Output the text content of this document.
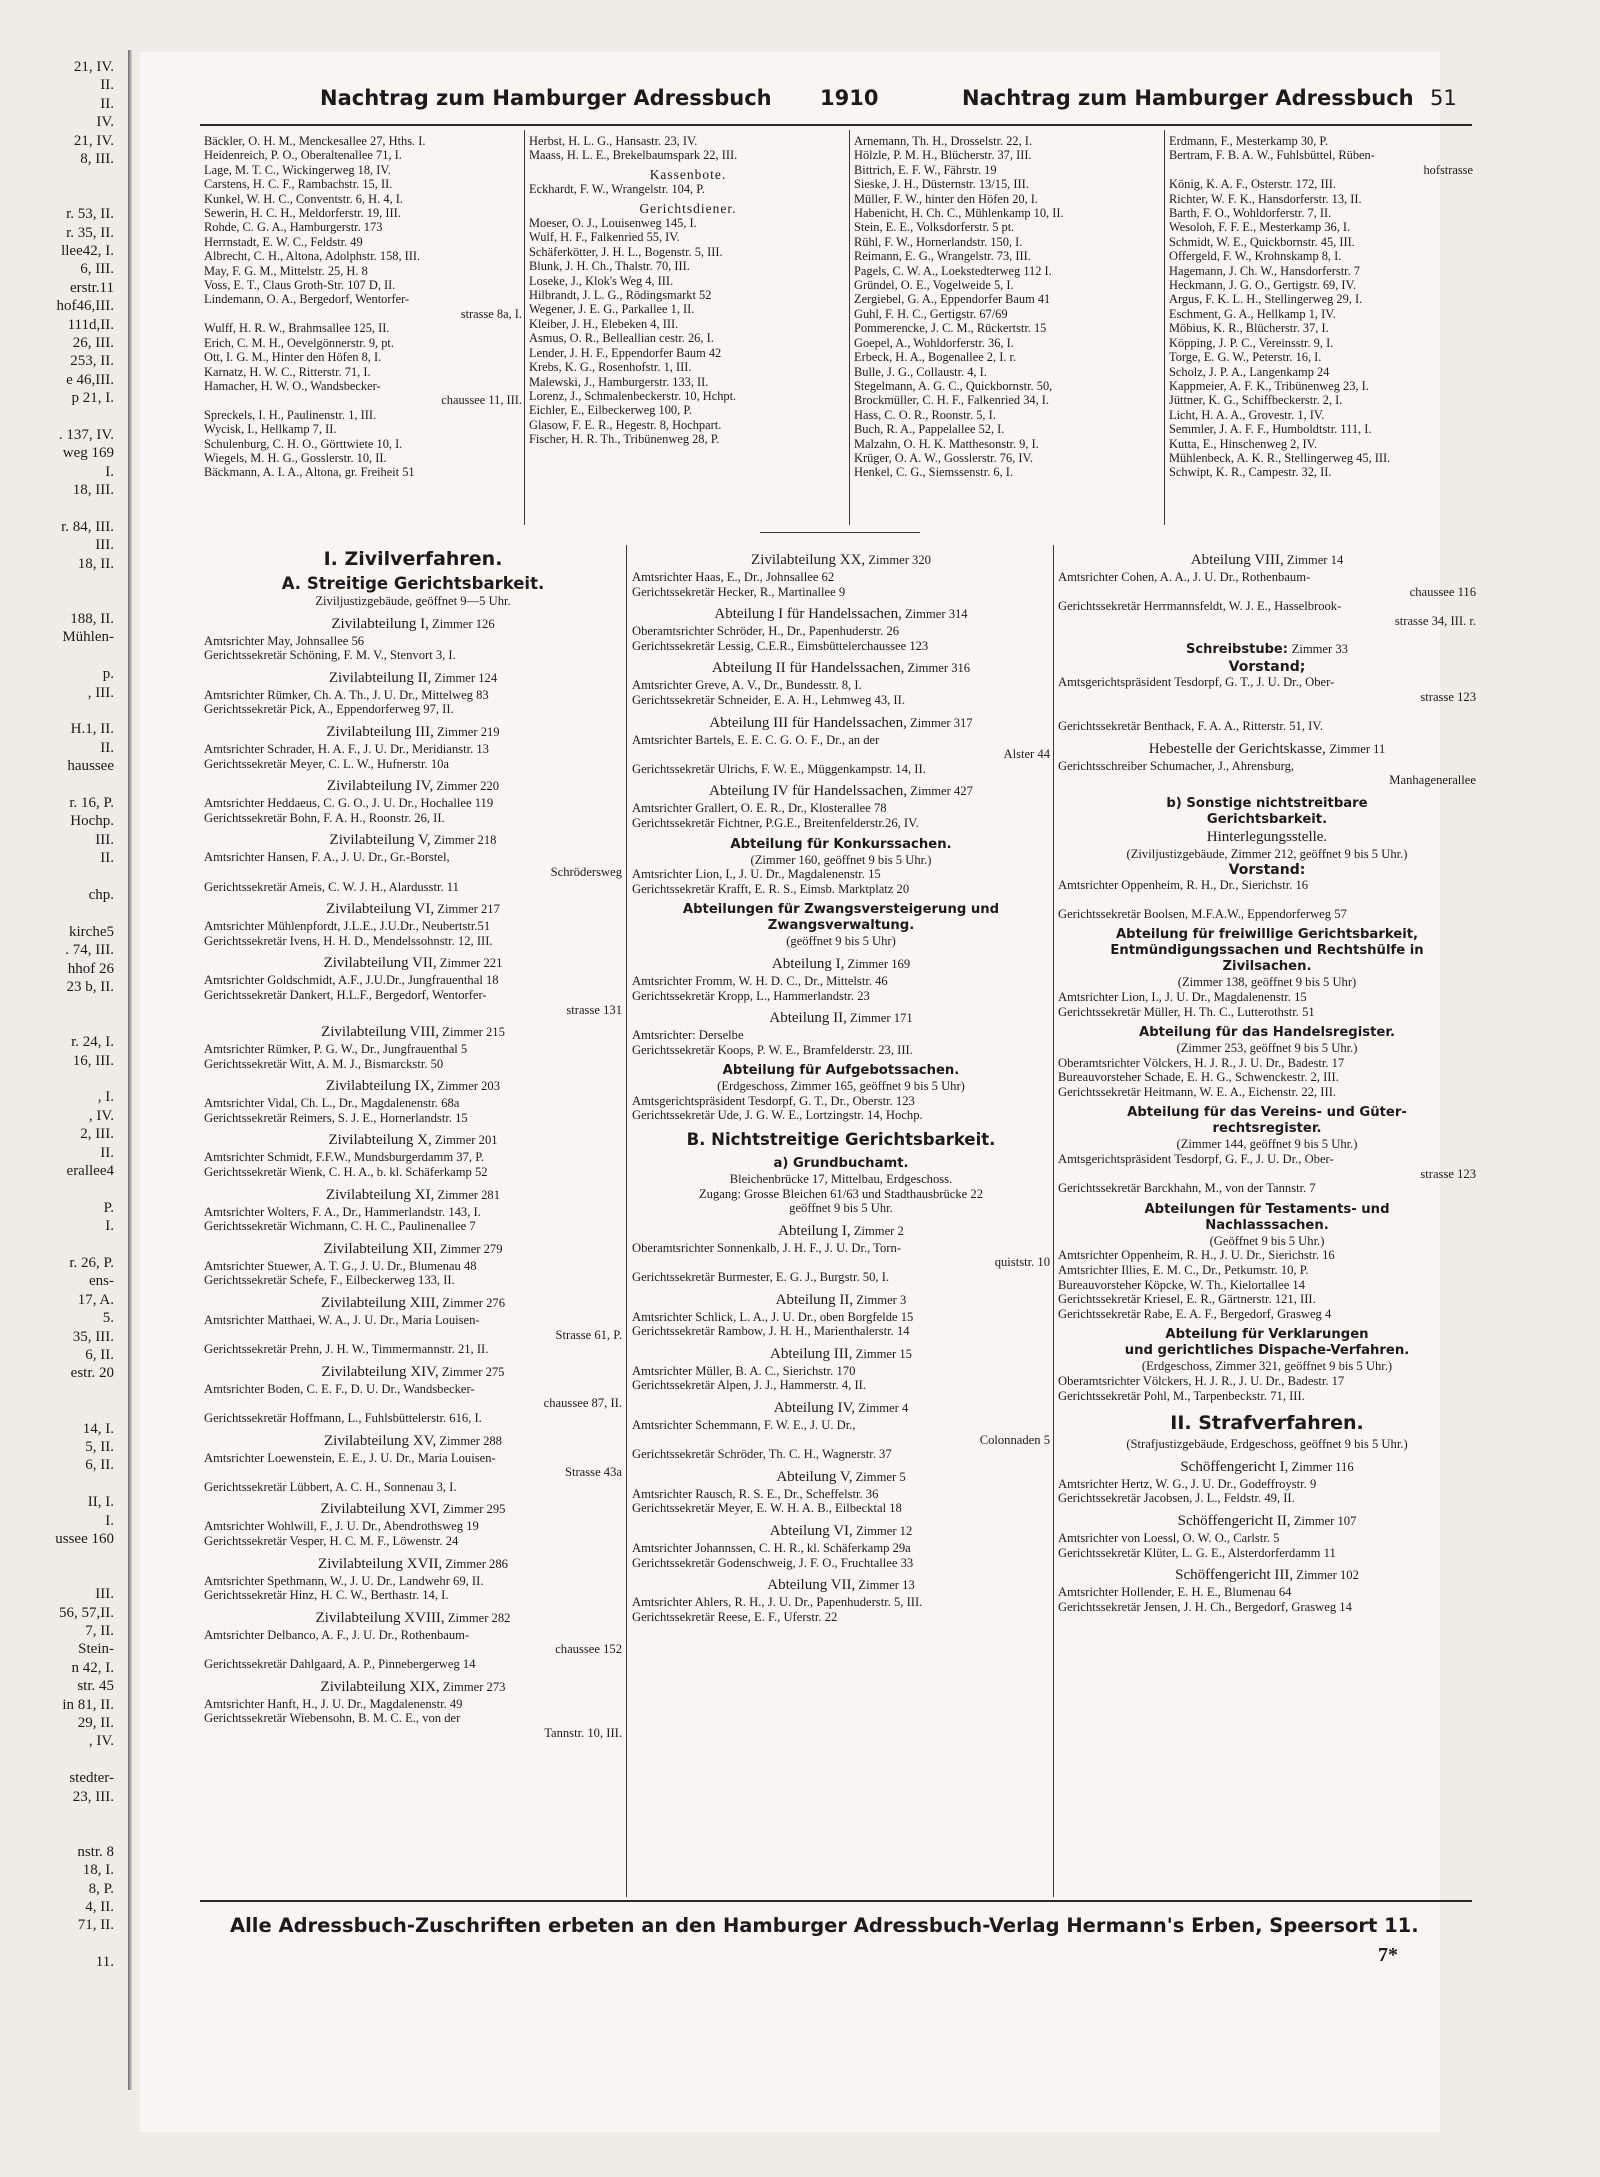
21, IV.
II.
II.
IV.
21, IV.
8, III.
r. 53, II.
r. 35, II.
llee42, I.
6, III.
erstr.11
hof46,III.
111d,II.
26, III.
253, II.
e 46,III.
p 21, I.
. 137, IV.
weg 169
I.
18, III.
r. 84, III.
III.
18, II.
188, II.
Mühlen-
p.
, III.
H.1, II.
II.
haussee
r. 16, P.
Hochp.
III.
II.
chp.
kirche5
. 74, III.
hhof 26
23 b, II.
r. 24, I.
16, III.
, I.
, IV.
2, III.
II.
erallee4
P.
I.
r. 26, P.
ens-
17, A.
5.
35, III.
6, II.
estr. 20
14, I.
5, II.
6, II.
II, I.
I.
ussee 160
III.
56, 57,II.
7, II.
Stein-
n 42, I.
str. 45
in 81, II.
29, II.
, IV.
stedter-
23, III.
nstr. 8
18, I.
8, P.
4, II.
71, II.
11.
Nachtrag zum Hamburger Adressbuch 1910	Nachtrag zum Hamburger Adressbuch 51
Bäckler, O. H. M., Menckesallee 27, Hths. I.
Heidenreich, P. O., Oberaltenallee 71, I.
Lage, M. T. C., Wickingerweg 18, IV.
Carstens, H. C. F., Rambachstr. 15, II.
Kunkel, W. H. C., Conventstr. 6, H. 4, I.
Sewerin, H. C. H., Meldorferstr. 19, III.
Rohde, C. G. A., Hamburgerstr. 173
Herrnstadt, E. W. C., Feldstr. 49
Albrecht, C. H., Altona, Adolphstr. 158, III.
May, F. G. M., Mittelstr. 25, H. 8
Voss, E. T., Claus Groth-Str. 107 D, II.
Lindemann, O. A., Bergedorf, Wentorfer-
strasse 8a, I.
Wulff, H. R. W., Brahmsallee 125, II.
Erich, C. M. H., Oevelgönnerstr. 9, pt.
Ott, I. G. M., Hinter den Höfen 8, I.
Karnatz, H. W. C., Ritterstr. 71, I.
Hamacher, H. W. O., Wandsbecker-
chaussee 11, III.
Spreckels, I. H., Paulinenstr. 1, III.
Wycisk, I., Hellkamp 7, II.
Schulenburg, C. H. O., Görttwiete 10, I.
Wiegels, M. H. G., Gosslerstr. 10, II.
Bäckmann, A. I. A., Altona, gr. Freiheit 51
Herbst, H. L. G., Hansastr. 23, IV.
Maass, H. L. E., Brekelbaumspark 22, III.
Kassenbote.
Eckhardt, F. W., Wrangelstr. 104, P.
Gerichtsdiener.
Moeser, O. J., Louisenweg 145, I.
Wulf, H. F., Falkenried 55, IV.
Schäferkötter, J. H. L., Bogenstr. 5, III.
Blunk, J. H. Ch., Thalstr. 70, III.
Loseke, J., Klok's Weg 4, III.
Hilbrandt, J. L. G., Rödingsmarkt 52
Wegener, J. E. G., Parkallee 1, II.
Kleiber, J. H., Elebeken 4, III.
Asmus, O. R., Belleallian cestr. 26, I.
Lender, J. H. F., Eppendorfer Baum 42
Krebs, K. G., Rosenhofstr. 1, III.
Malewski, J., Hamburgerstr. 133, II.
Lorenz, J., Schmalenbeckerstr. 10, Hchpt.
Eichler, E., Eilbeckerweg 100, P.
Glasow, F. E. R., Hegestr. 8, Hochpart.
Fischer, H. R. Th., Tribünenweg 28, P.
Arnemann, Th. H., Drosselstr. 22, I.
Hölzle, P. M. H., Blücherstr. 37, III.
Bittrich, E. F. W., Fährstr. 19
Sieske, J. H., Düsternstr. 13/15, III.
Müller, F. W., hinter den Höfen 20, I.
Habenicht, H. Ch. C., Mühlenkamp 10, II.
Stein, E. E., Volksdorferstr. 5 pt.
Rühl, F. W., Hornerlandstr. 150, I.
Reimann, E. G., Wrangelstr. 73, III.
Pagels, C. W. A., Loekstedterweg 112 I.
Gründel, O. E., Vogelweide 5, I.
Zergiebel, G. A., Eppendorfer Baum 41
Guhl, F. H. C., Gertigstr. 67/69
Pommerencke, J. C. M., Rückertstr. 15
Goepel, A., Wohldorferstr. 36, I.
Erbeck, H. A., Bogenallee 2, I. r.
Bulle, J. G., Collaustr. 4, I.
Stegelmann, A. G. C., Quickbornstr. 50,
Brockmüller, C. H. F., Falkenried 34, I.
Hass, C. O. R., Roonstr. 5, I.
Buch, R. A., Pappelallee 52, I.
Malzahn, O. H. K. Matthesonstr. 9, I.
Krüger, O. A. W., Gosslerstr. 76, IV.
Henkel, C. G., Siemssenstr. 6, I.
Erdmann, F., Mesterkamp 30, P.
Bertram, F. B. A. W., Fuhlsbüttel, Rüben-
hofstrasse
König, K. A. F., Osterstr. 172, III.
Richter, W. F. K., Hansdorferstr. 13, II.
Barth, F. O., Wohldorferstr. 7, II.
Wesoloh, F. F. E., Mesterkamp 36, I.
Schmidt, W. E., Quickbornstr. 45, III.
Offergeld, F. W., Krohnskamp 8, I.
Hagemann, J. Ch. W., Hansdorferstr. 7
Heckmann, J. G. O., Gertigstr. 69, IV.
Argus, F. K. L. H., Stellingerweg 29, I.
Eschment, G. A., Hellkamp 1, IV.
Möbius, K. R., Blücherstr. 37, I.
Köpping, J. P. C., Vereinsstr. 9, I.
Torge, E. G. W., Peterstr. 16, I.
Scholz, J. P. A., Langenkamp 24
Kappmeier, A. F. K., Tribünenweg 23, I.
Jüttner, K. G., Schiffbeckerstr. 2, I.
Licht, H. A. A., Grovestr. 1, IV.
Semmler, J. A. F. F., Humboldtstr. 111, I.
Kutta, E., Hinschenweg 2, IV.
Mühlenbeck, A. K. R., Stellingerweg 45, III.
Schwipt, K. R., Campestr. 32, II.
I. Zivilverfahren.
A. Streitige Gerichtsbarkeit.
Ziviljustizgebäude, geöffnet 9—5 Uhr.
Zivilabteilung I, Zimmer 126
Amtsrichter May, Johnsallee 56
Gerichtssekretär Schöning, F. M. V., Stenvort 3, I.
Zivilabteilung II, Zimmer 124
Amtsrichter Rümker, Ch. A. Th., J. U. Dr., Mittelweg 83
Gerichtssekretär Pick, A., Eppendorferweg 97, II.
Zivilabteilung III, Zimmer 219
Amtsrichter Schrader, H. A. F., J. U. Dr., Meridianstr. 13
Gerichtssekretär Meyer, C. L. W., Hufnerstr. 10a
Zivilabteilung IV, Zimmer 220
Amtsrichter Heddaeus, C. G. O., J. U. Dr., Hochallee 119
Gerichtssekretär Bohn, F. A. H., Roonstr. 26, II.
Zivilabteilung V, Zimmer 218
Amtsrichter Hansen, F. A., J. U. Dr., Gr.-Borstel,
Schrödersweg
Gerichtssekretär Ameis, C. W. J. H., Alardusstr. 11
Zivilabteilung VI, Zimmer 217
Amtsrichter Mühlenpfordt, J.L.E., J.U.Dr., Neubertstr.51
Gerichtssekretär Ivens, H. H. D., Mendelssohnstr. 12, III.
Zivilabteilung VII, Zimmer 221
Amtsrichter Goldschmidt, A.F., J.U.Dr., Jungfrauenthal 18
Gerichtssekretär Dankert, H.L.F., Bergedorf, Wentorfer-
strasse 131
Zivilabteilung VIII, Zimmer 215
Amtsrichter Rümker, P. G. W., Dr., Jungfrauenthal 5
Gerichtssekretär Witt, A. M. J., Bismarckstr. 50
Zivilabteilung IX, Zimmer 203
Amtsrichter Vidal, Ch. L., Dr., Magdalenenstr. 68a
Gerichtssekretär Reimers, S. J. E., Hornerlandstr. 15
Zivilabteilung X, Zimmer 201
Amtsrichter Schmidt, F.F.W., Mundsburgerdamm 37, P.
Gerichtssekretär Wienk, C. H. A., b. kl. Schäferkamp 52
Zivilabteilung XI, Zimmer 281
Amtsrichter Wolters, F. A., Dr., Hammerlandstr. 143, I.
Gerichtssekretär Wichmann, C. H. C., Paulinenallee 7
Zivilabteilung XII, Zimmer 279
Amtsrichter Stuewer, A. T. G., J. U. Dr., Blumenau 48
Gerichtssekretär Schefe, F., Eilbeckerweg 133, II.
Zivilabteilung XIII, Zimmer 276
Amtsrichter Matthaei, W. A., J. U. Dr., Maria Louisen-
Strasse 61, P.
Gerichtssekretär Prehn, J. H. W., Timmermannstr. 21, II.
Zivilabteilung XIV, Zimmer 275
Amtsrichter Boden, C. E. F., D. U. Dr., Wandsbecker-
chaussee 87, II.
Gerichtssekretär Hoffmann, L., Fuhlsbüttelerstr. 616, I.
Zivilabteilung XV, Zimmer 288
Amtsrichter Loewenstein, E. E., J. U. Dr., Maria Louisen-
Strasse 43a
Gerichtssekretär Lübbert, A. C. H., Sonnenau 3, I.
Zivilabteilung XVI, Zimmer 295
Amtsrichter Wohlwill, F., J. U. Dr., Abendrothsweg 19
Gerichtssekretär Vesper, H. C. M. F., Löwenstr. 24
Zivilabteilung XVII, Zimmer 286
Amtsrichter Spethmann, W., J. U. Dr., Landwehr 69, II.
Gerichtssekretär Hinz, H. C. W., Berthastr. 14, I.
Zivilabteilung XVIII, Zimmer 282
Amtsrichter Delbanco, A. F., J. U. Dr., Rothenbaum-
chaussee 152
Gerichtssekretär Dahlgaard, A. P., Pinnebergerweg 14
Zivilabteilung XIX, Zimmer 273
Amtsrichter Hanft, H., J. U. Dr., Magdalenenstr. 49
Gerichtssekretär Wiebensohn, B. M. C. E., von der
Tannstr. 10, III.
Zivilabteilung XX, Zimmer 320
Amtsrichter Haas, E., Dr., Johnsallee 62
Gerichtssekretär Hecker, R., Martinallee 9
Abteilung I für Handelssachen, Zimmer 314
Oberamtsrichter Schröder, H., Dr., Papenhuderstr. 26
Gerichtssekretär Lessig, C.E.R., Eimsbüttelerchaussee 123
Abteilung II für Handelssachen, Zimmer 316
Amtsrichter Greve, A. V., Dr., Bundesstr. 8, I.
Gerichtssekretär Schneider, E. A. H., Lehmweg 43, II.
Abteilung III für Handelssachen, Zimmer 317
Amtsrichter Bartels, E. E. C. G. O. F., Dr., an der
Alster 44
Gerichtssekretär Ulrichs, F. W. E., Müggenkampstr. 14, II.
Abteilung IV für Handelssachen, Zimmer 427
Amtsrichter Grallert, O. E. R., Dr., Klosterallee 78
Gerichtssekretär Fichtner, P.G.E., Breitenfelderstr.26, IV.
Abteilung für Konkurssachen.
(Zimmer 160, geöffnet 9 bis 5 Uhr.)
Amtsrichter Lion, I., J. U. Dr., Magdalenenstr. 15
Gerichtssekretär Krafft, E. R. S., Eimsb. Marktplatz 20
Abteilungen für Zwangsversteigerung und
Zwangsverwaltung.
(geöffnet 9 bis 5 Uhr)
Abteilung I, Zimmer 169
Amtsrichter Fromm, W. H. D. C., Dr., Mittelstr. 46
Gerichtssekretär Kropp, L., Hammerlandstr. 23
Abteilung II, Zimmer 171
Amtsrichter: Derselbe
Gerichtssekretär Koops, P. W. E., Bramfelderstr. 23, III.
Abteilung für Aufgebotssachen.
(Erdgeschoss, Zimmer 165, geöffnet 9 bis 5 Uhr)
Amtsgerichtspräsident Tesdorpf, G. T., Dr., Oberstr. 123
Gerichtssekretär Ude, J. G. W. E., Lortzingstr. 14, Hochp.
B. Nichtstreitige Gerichtsbarkeit.
a) Grundbuchamt.
Bleichenbrücke 17, Mittelbau, Erdgeschoss.
Zugang: Grosse Bleichen 61/63 und Stadthausbrücke 22
geöffnet 9 bis 5 Uhr.
Abteilung I, Zimmer 2
Oberamtsrichter Sonnenkalb, J. H. F., J. U. Dr., Torn-
quiststr. 10
Gerichtssekretär Burmester, E. G. J., Burgstr. 50, I.
Abteilung II, Zimmer 3
Amtsrichter Schlick, L. A., J. U. Dr., oben Borgfelde 15
Gerichtssekretär Rambow, J. H. H., Marienthalerstr. 14
Abteilung III, Zimmer 15
Amtsrichter Müller, B. A. C., Sierichstr. 170
Gerichtssekretär Alpen, J. J., Hammerstr. 4, II.
Abteilung IV, Zimmer 4
Amtsrichter Schemmann, F. W. E., J. U. Dr.,
Colonnaden 5
Gerichtssekretär Schröder, Th. C. H., Wagnerstr. 37
Abteilung V, Zimmer 5
Amtsrichter Rausch, R. S. E., Dr., Scheffelstr. 36
Gerichtssekretär Meyer, E. W. H. A. B., Eilbecktal 18
Abteilung VI, Zimmer 12
Amtsrichter Johannssen, C. H. R., kl. Schäferkamp 29a
Gerichtssekretär Godenschweig, J. F. O., Fruchtallee 33
Abteilung VII, Zimmer 13
Amtsrichter Ahlers, R. H., J. U. Dr., Papenhuderstr. 5, III.
Gerichtssekretär Reese, E. F., Uferstr. 22
Abteilung VIII, Zimmer 14
Amtsrichter Cohen, A. A., J. U. Dr., Rothenbaum-
chaussee 116
Gerichtssekretär Herrmannsfeldt, W. J. E., Hasselbrook-
strasse 34, III. r.
Schreibstube: Zimmer 33
Vorstand;
Amtsgerichtspräsident Tesdorpf, G. T., J. U. Dr., Ober-
strasse 123

Gerichtssekretär Benthack, F. A. A., Ritterstr. 51, IV.
Hebestelle der Gerichtskasse, Zimmer 11
Gerichtsschreiber Schumacher, J., Ahrensburg,
Manhagenerallee
b) Sonstige nichtstreitbare
Gerichtsbarkeit.
Hinterlegungsstelle.
(Ziviljustizgebäude, Zimmer 212, geöffnet 9 bis 5 Uhr.)
Vorstand:
Amtsrichter Oppenheim, R. H., Dr., Sierichstr. 16

Gerichtssekretär Boolsen, M.F.A.W., Eppendorferweg 57
Abteilung für freiwillige Gerichtsbarkeit,
Entmündigungssachen und Rechtshülfe in
Zivilsachen.
(Zimmer 138, geöffnet 9 bis 5 Uhr)
Amtsrichter Lion, I., J. U. Dr., Magdalenenstr. 15
Gerichtssekretär Müller, H. Th. C., Lutterothstr. 51
Abteilung für das Handelsregister.
(Zimmer 253, geöffnet 9 bis 5 Uhr.)
Oberamtsrichter Völckers, H. J. R., J. U. Dr., Badestr. 17
Bureauvorsteher Schade, E. H. G., Schwenckestr. 2, III.
Gerichtssekretär Heitmann, W. E. A., Eichenstr. 22, III.
Abteilung für das Vereins- und Güter-
rechtsregister.
(Zimmer 144, geöffnet 9 bis 5 Uhr.)
Amtsgerichtspräsident Tesdorpf, G. F., J. U. Dr., Ober-
strasse 123
Gerichtssekretär Barckhahn, M., von der Tannstr. 7
Abteilungen für Testaments- und
Nachlasssachen.
(Geöffnet 9 bis 5 Uhr.)
Amtsrichter Oppenheim, R. H., J. U. Dr., Sierichstr. 16
Amtsrichter Illies, E. M. C., Dr., Petkumstr. 10, P.
Bureauvorsteher Köpcke, W. Th., Kielortallee 14
Gerichtssekretär Kriesel, E. R., Gärtnerstr. 121, III.
Gerichtssekretär Rabe, E. A. F., Bergedorf, Grasweg 4
Abteilung für Verklarungen
und gerichtliches Dispache-Verfahren.
(Erdgeschoss, Zimmer 321, geöffnet 9 bis 5 Uhr.)
Oberamtsrichter Völckers, H. J. R., J. U. Dr., Badestr. 17
Gerichtssekretär Pohl, M., Tarpenbeckstr. 71, III.
II. Strafverfahren.
(Strafjustizgebäude, Erdgeschoss, geöffnet 9 bis 5 Uhr.)
Schöffengericht I, Zimmer 116
Amtsrichter Hertz, W. G., J. U. Dr., Godeffroystr. 9
Gerichtssekretär Jacobsen, J. L., Feldstr. 49, II.
Schöffengericht II, Zimmer 107
Amtsrichter von Loessl, O. W. O., Carlstr. 5
Gerichtssekretär Klüter, L. G. E., Alsterdorferdamm 11
Schöffengericht III, Zimmer 102
Amtsrichter Hollender, E. H. E., Blumenau 64
Gerichtssekretär Jensen, J. H. Ch., Bergedorf, Grasweg 14
Alle Adressbuch-Zuschriften erbeten an den Hamburger Adressbuch-Verlag Hermann's Erben, Speersort 11.
7*
